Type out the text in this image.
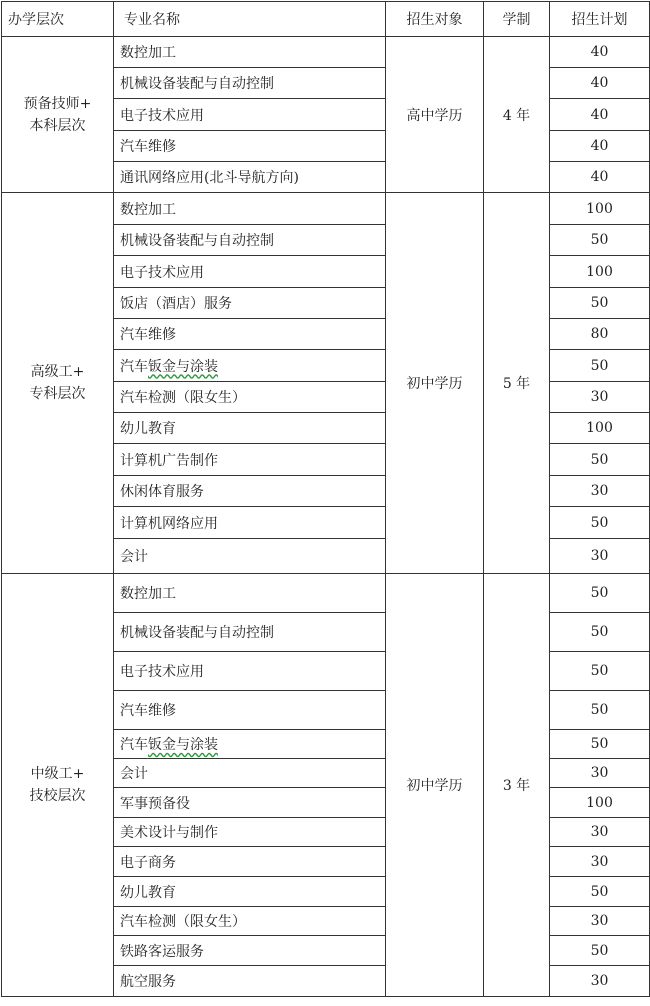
办学层次	专业名称	招生对象	学制	招生计划

预备技师+
本科层次	数控加工	高中学历	4 年	40
	机械设备装配与自动控制			40
	电子技术应用			40
	汽车维修			40
	通讯网络应用(北斗导航方向)			40

高级工+
专科层次	数控加工	初中学历	5 年	100
	机械设备装配与自动控制			50
	电子技术应用			100
	饭店（酒店）服务			50
	汽车维修			80
	汽车钣金与涂装			50
	汽车检测（限女生）			30
	幼儿教育			100
	计算机广告制作			50
	休闲体育服务			30
	计算机网络应用			50
	会计			30

中级工+
技校层次	数控加工	初中学历	3 年	50
	机械设备装配与自动控制			50
	电子技术应用			50
	汽车维修			50
	汽车钣金与涂装			50
	会计			30
	军事预备役			100
	美术设计与制作			30
	电子商务			30
	幼儿教育			50
	汽车检测（限女生）			30
	铁路客运服务			50
	航空服务			30
